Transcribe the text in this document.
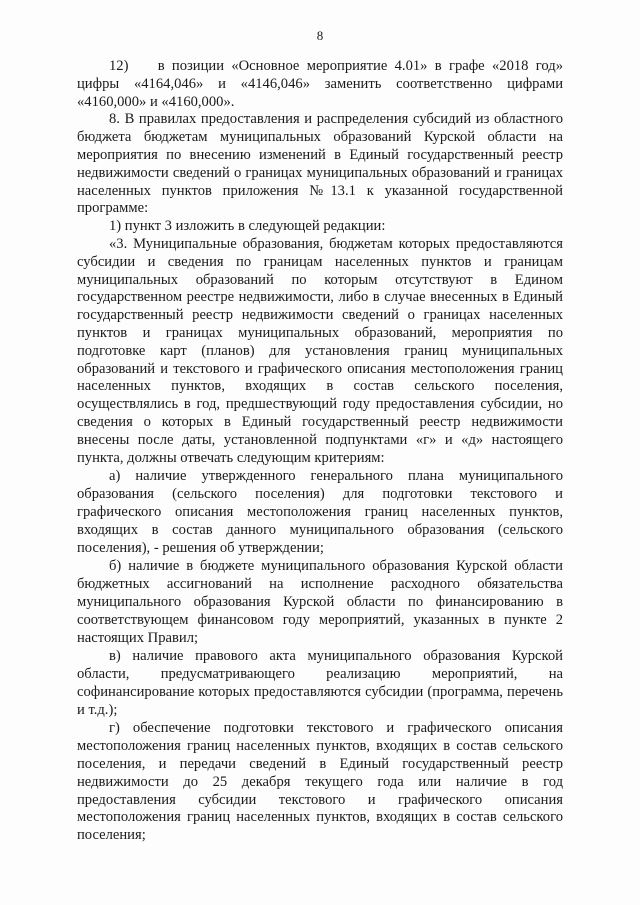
8

12)    в позиции «Основное мероприятие 4.01» в графе «2018 год» цифры «4164,046» и «4146,046» заменить соответственно цифрами «4160,000» и «4160,000».

8. В правилах предоставления и распределения субсидий из областного бюджета бюджетам муниципальных образований Курской области на мероприятия по внесению изменений в Единый государственный реестр недвижимости сведений о границах муниципальных образований и границах населенных пунктов приложения №13.1 к указанной государственной программе:

1) пункт 3 изложить в следующей редакции:

«3. Муниципальные образования, бюджетам которых предоставляются субсидии и сведения по границам населенных пунктов и границам муниципальных образований по которым отсутствуют в Едином государственном реестре недвижимости, либо в случае внесенных в Единый государственный реестр недвижимости сведений о границах населенных пунктов и границах муниципальных образований, мероприятия по подготовке карт (планов) для установления границ муниципальных образований и текстового и графического описания местоположения границ населенных пунктов, входящих в состав сельского поселения, осуществлялись в год, предшествующий году предоставления субсидии, но сведения о которых в Единый государственный реестр недвижимости внесены после даты, установленной подпунктами «г» и «д» настоящего пункта, должны отвечать следующим критериям:

а) наличие утвержденного генерального плана муниципального образования (сельского поселения) для подготовки текстового и графического описания местоположения границ населенных пунктов, входящих в состав данного муниципального образования (сельского поселения), - решения об утверждении;

б) наличие в бюджете муниципального образования Курской области бюджетных ассигнований на исполнение расходного обязательства муниципального образования Курской области по финансированию в соответствующем финансовом году мероприятий, указанных в пункте 2 настоящих Правил;

в) наличие правового акта муниципального образования Курской области, предусматривающего реализацию мероприятий, на софинансирование которых предоставляются субсидии (программа, перечень и т.д.);

г) обеспечение подготовки текстового и графического описания местоположения границ населенных пунктов, входящих в состав сельского поселения, и передачи сведений в Единый государственный реестр недвижимости до 25 декабря текущего года или наличие в год предоставления субсидии текстового и графического описания местоположения границ населенных пунктов, входящих в состав сельского поселения;
